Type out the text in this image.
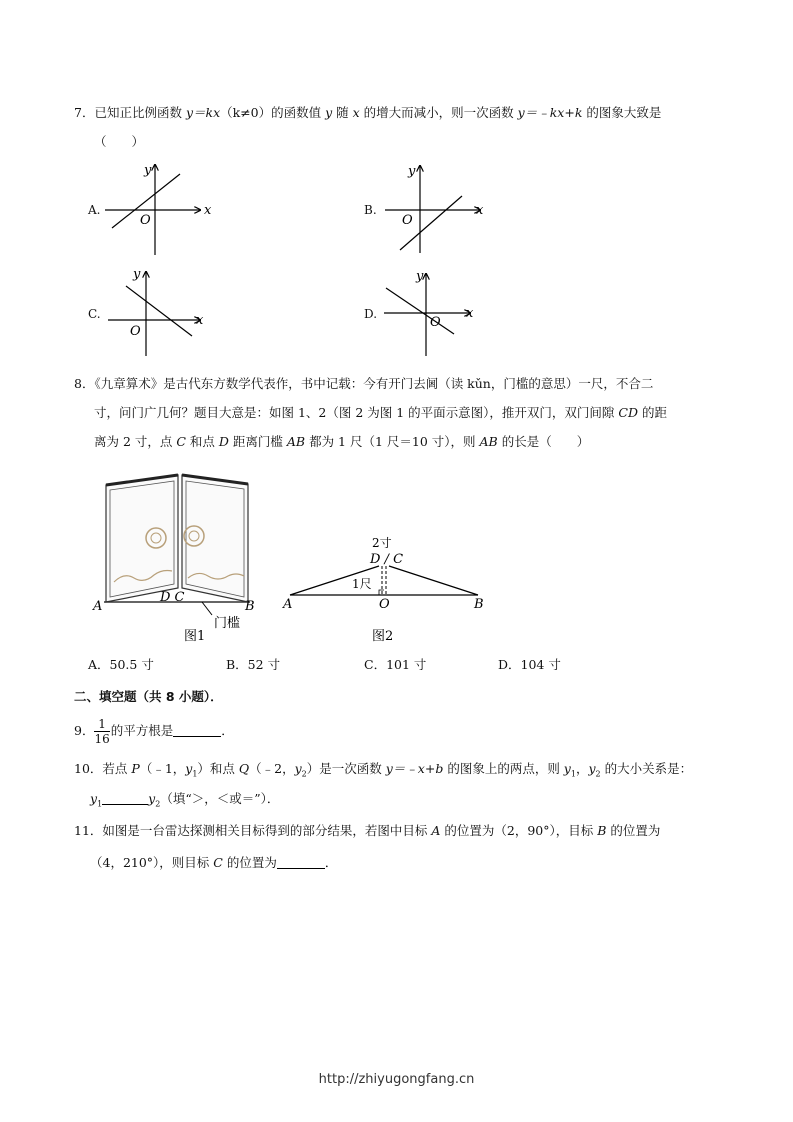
7．已知正比例函数 y＝kx（k≠0）的函数值 y 随 x 的增大而减小，则一次函数 y＝﹣kx+k 的图象大致是
（　　）
A.	x
y
O
B.	x
y
O
C.	x
y
O
D.	x
y
O
8．《九章算术》是古代东方数学代表作，书中记载：今有开门去阃（读 kǔn，门槛的意思）一尺，不合二
寸，问门广几何？题目大意是：如图 1、2（图 2 为图 1 的平面示意图），推开双门，双门间隙 CD 的距
离为 2 寸，点 C 和点 D 距离门槛 AB 都为 1 尺（1 尺＝10 寸），则 AB 的长是（　　）
A	B
D C
门槛
图1
2寸
D / C
1尺
A	O	B
图2
A．50.5 寸	B．52 寸	C．101 寸	D．104 寸
二、填空题（共 8 小题）．
9． $\frac{1}{16}$ 的平方根是	．
10．若点 P（﹣1，$y_1$）和点 Q（﹣2，$y_2$）是一次函数 y＝﹣x+b 的图象上的两点，则 $y_1$，$y_2$ 的大小关系是：
$y_1$	$y_2$（填“＞，＜或＝”）．
11．如图是一台雷达探测相关目标得到的部分结果，若图中目标 A 的位置为（2，90°），目标 B 的位置为
（4，210°），则目标 C 的位置为	．
http://zhiyugongfang.cn
